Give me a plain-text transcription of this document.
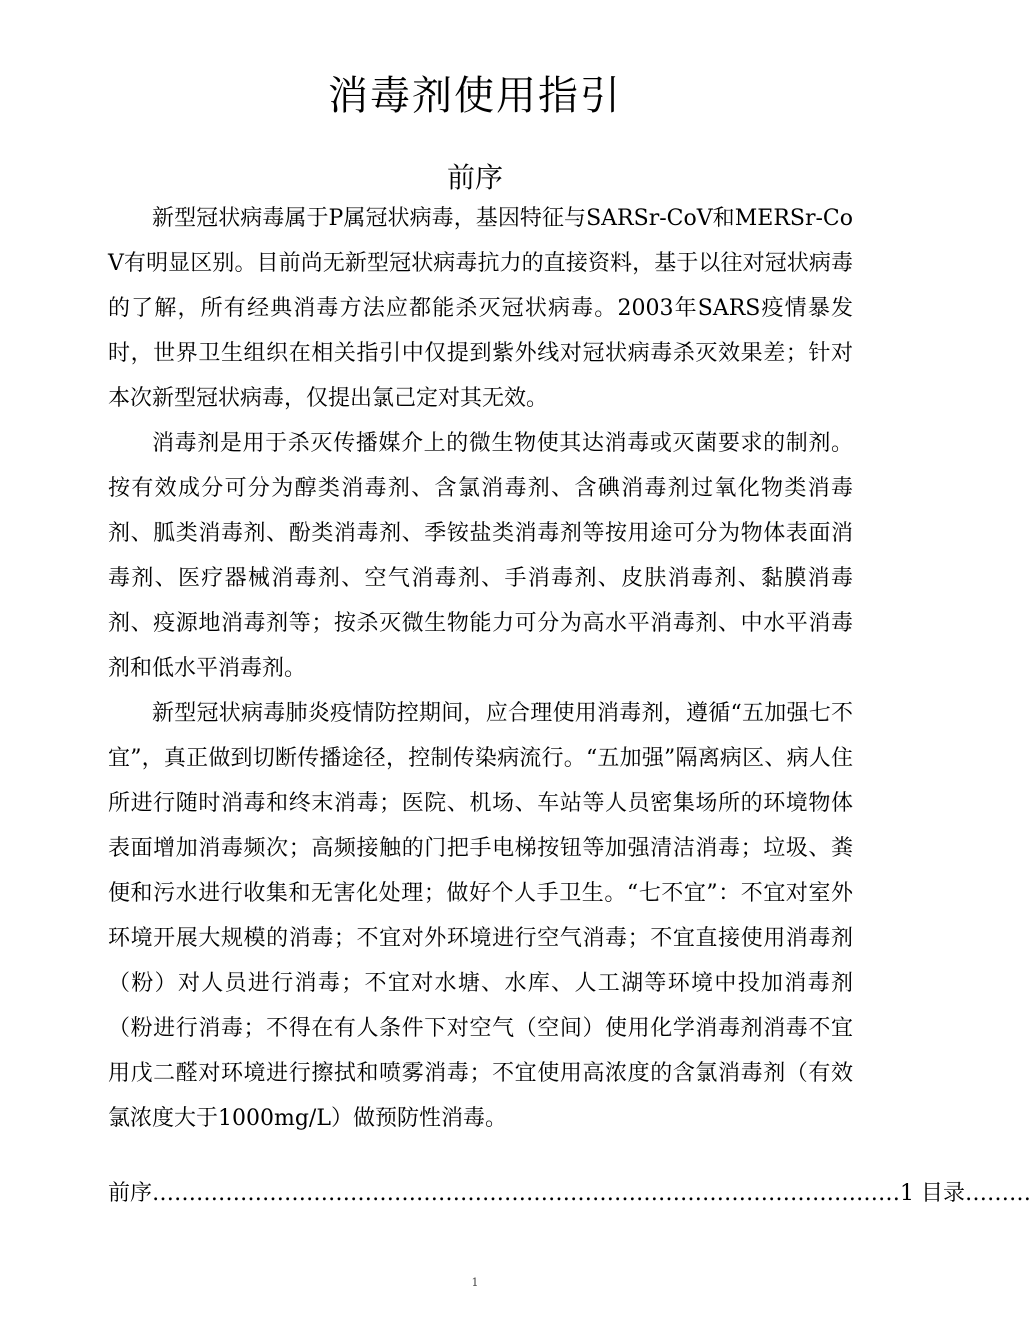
消毒剂使用指引
前序

新型冠状病毒属于P属冠状病毒，基因特征与SARSr-CoV和MERSr-CoV有明显区别。目前尚无新型冠状病毒抗力的直接资料，基于以往对冠状病毒的了解，所有经典消毒方法应都能杀灭冠状病毒。2003年SARS疫情暴发时，世界卫生组织在相关指引中仅提到紫外线对冠状病毒杀灭效果差；针对本次新型冠状病毒，仅提出氯己定对其无效。

消毒剂是用于杀灭传播媒介上的微生物使其达消毒或灭菌要求的制剂。按有效成分可分为醇类消毒剂、含氯消毒剂、含碘消毒剂过氧化物类消毒剂、胍类消毒剂、酚类消毒剂、季铵盐类消毒剂等按用途可分为物体表面消毒剂、医疗器械消毒剂、空气消毒剂、手消毒剂、皮肤消毒剂、黏膜消毒剂、疫源地消毒剂等；按杀灭微生物能力可分为高水平消毒剂、中水平消毒剂和低水平消毒剂。

新型冠状病毒肺炎疫情防控期间，应合理使用消毒剂，遵循“五加强七不宜”，真正做到切断传播途径，控制传染病流行。“五加强”隔离病区、病人住所进行随时消毒和终末消毒；医院、机场、车站等人员密集场所的环境物体表面增加消毒频次；高频接触的门把手电梯按钮等加强清洁消毒；垃圾、粪便和污水进行收集和无害化处理；做好个人手卫生。“七不宜”：不宜对室外环境开展大规模的消毒；不宜对外环境进行空气消毒；不宜直接使用消毒剂（粉）对人员进行消毒；不宜对水塘、水库、人工湖等环境中投加消毒剂（粉进行消毒；不得在有人条件下对空气（空间）使用化学消毒剂消毒不宜用戊二醛对环境进行擦拭和喷雾消毒；不宜使用高浓度的含氯消毒剂（有效氯浓度大于1000mg/L）做预防性消毒。

前序…………………………………………………………………………………………1 目录………
1
